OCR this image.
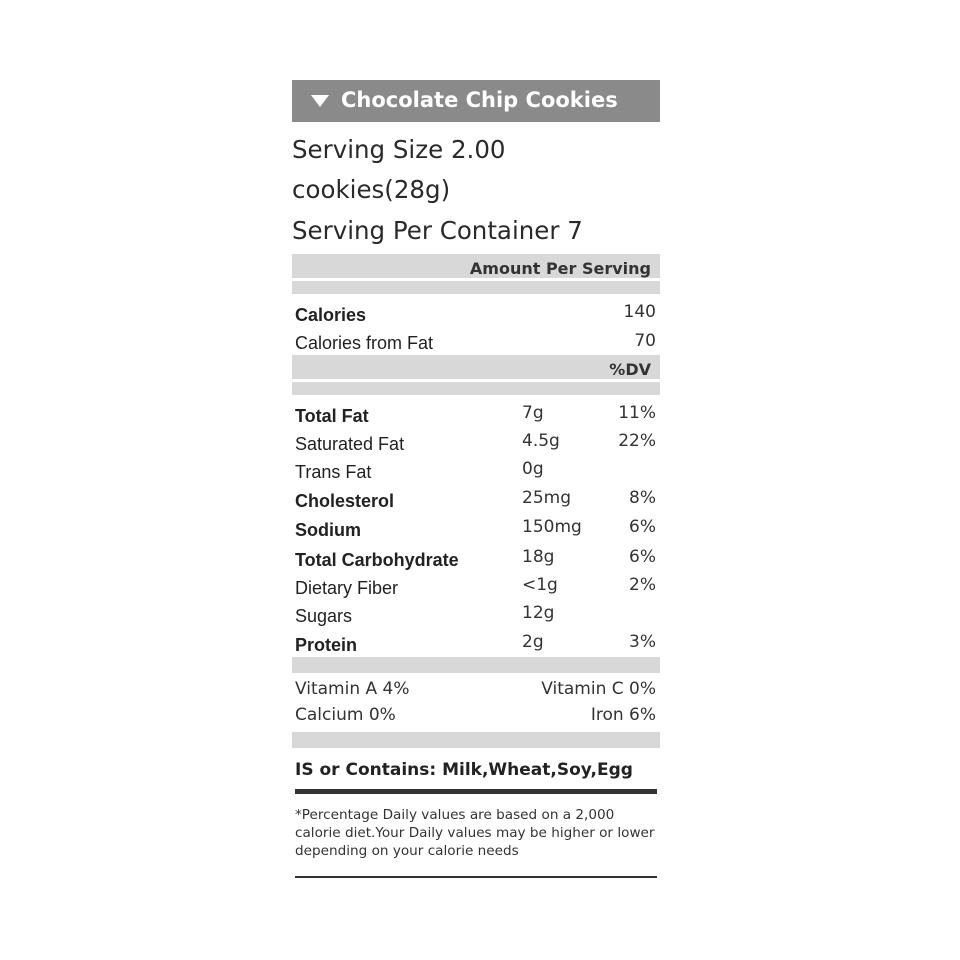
Chocolate Chip Cookies
Serving Size 2.00
cookies(28g)
Serving Per Container 7
Amount Per Serving
Calories	140
Calories from Fat	70
%DV
Total Fat	7g	11%
Saturated Fat	4.5g	22%
Trans Fat	0g
Cholesterol	25mg	8%
Sodium	150mg	6%
Total Carbohydrate	18g	6%
Dietary Fiber	<1g	2%
Sugars	12g
Protein	2g	3%
Vitamin A 4%	Vitamin C 0%
Calcium 0%	Iron 6%
IS or Contains: Milk,Wheat,Soy,Egg
*Percentage Daily values are based on a 2,000 calorie diet.Your Daily values may be higher or lower depending on your calorie needs
